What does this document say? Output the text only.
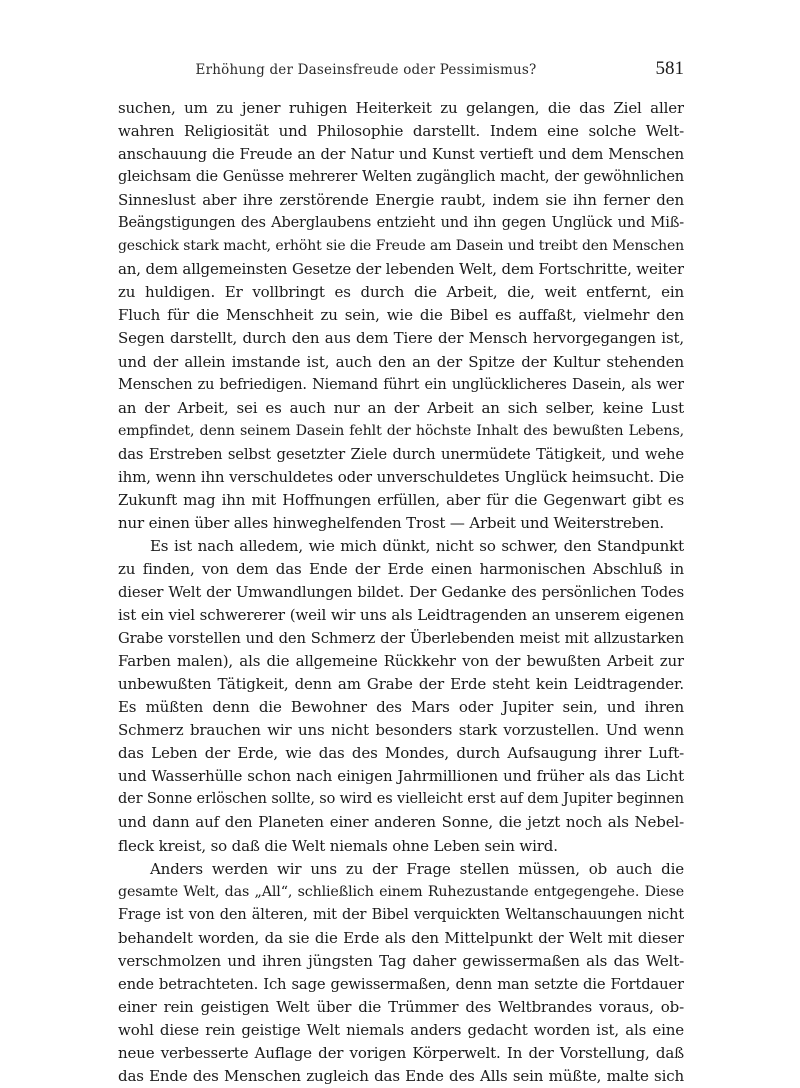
Erhöhung der Daseinsfreude oder Pessimismus?	581
suchen, um zu jener ruhigen Heiterkeit zu gelangen, die das Ziel aller
wahren Religiosität und Philosophie darstellt. Indem eine solche Welt-
anschauung die Freude an der Natur und Kunst vertieft und dem Menschen
gleichsam die Genüsse mehrerer Welten zugänglich macht, der gewöhnlichen
Sinneslust aber ihre zerstörende Energie raubt, indem sie ihn ferner den
Beängstigungen des Aberglaubens entzieht und ihn gegen Unglück und Miß-
geschick stark macht, erhöht sie die Freude am Dasein und treibt den Menschen
an, dem allgemeinsten Gesetze der lebenden Welt, dem Fortschritte, weiter
zu huldigen. Er vollbringt es durch die Arbeit, die, weit entfernt, ein
Fluch für die Menschheit zu sein, wie die Bibel es auffaßt, vielmehr den
Segen darstellt, durch den aus dem Tiere der Mensch hervorgegangen ist,
und der allein imstande ist, auch den an der Spitze der Kultur stehenden
Menschen zu befriedigen. Niemand führt ein unglücklicheres Dasein, als wer
an der Arbeit, sei es auch nur an der Arbeit an sich selber, keine Lust
empfindet, denn seinem Dasein fehlt der höchste Inhalt des bewußten Lebens,
das Erstreben selbst gesetzter Ziele durch unermüdete Tätigkeit, und wehe
ihm, wenn ihn verschuldetes oder unverschuldetes Unglück heimsucht. Die
Zukunft mag ihn mit Hoffnungen erfüllen, aber für die Gegenwart gibt es
nur einen über alles hinweghelfenden Trost — Arbeit und Weiterstreben.
Es ist nach alledem, wie mich dünkt, nicht so schwer, den Standpunkt
zu finden, von dem das Ende der Erde einen harmonischen Abschluß in
dieser Welt der Umwandlungen bildet. Der Gedanke des persönlichen Todes
ist ein viel schwererer (weil wir uns als Leidtragenden an unserem eigenen
Grabe vorstellen und den Schmerz der Überlebenden meist mit allzustarken
Farben malen), als die allgemeine Rückkehr von der bewußten Arbeit zur
unbewußten Tätigkeit, denn am Grabe der Erde steht kein Leidtragender.
Es müßten denn die Bewohner des Mars oder Jupiter sein, und ihren
Schmerz brauchen wir uns nicht besonders stark vorzustellen. Und wenn
das Leben der Erde, wie das des Mondes, durch Aufsaugung ihrer Luft-
und Wasserhülle schon nach einigen Jahrmillionen und früher als das Licht
der Sonne erlöschen sollte, so wird es vielleicht erst auf dem Jupiter beginnen
und dann auf den Planeten einer anderen Sonne, die jetzt noch als Nebel-
fleck kreist, so daß die Welt niemals ohne Leben sein wird.
Anders werden wir uns zu der Frage stellen müssen, ob auch die
gesamte Welt, das „All“, schließlich einem Ruhezustande entgegengehe. Diese
Frage ist von den älteren, mit der Bibel verquickten Weltanschauungen nicht
behandelt worden, da sie die Erde als den Mittelpunkt der Welt mit dieser
verschmolzen und ihren jüngsten Tag daher gewissermaßen als das Welt-
ende betrachteten. Ich sage gewissermaßen, denn man setzte die Fortdauer
einer rein geistigen Welt über die Trümmer des Weltbrandes voraus, ob-
wohl diese rein geistige Welt niemals anders gedacht worden ist, als eine
neue verbesserte Auflage der vorigen Körperwelt. In der Vorstellung, daß
das Ende des Menschen zugleich das Ende des Alls sein müßte, malte sich
